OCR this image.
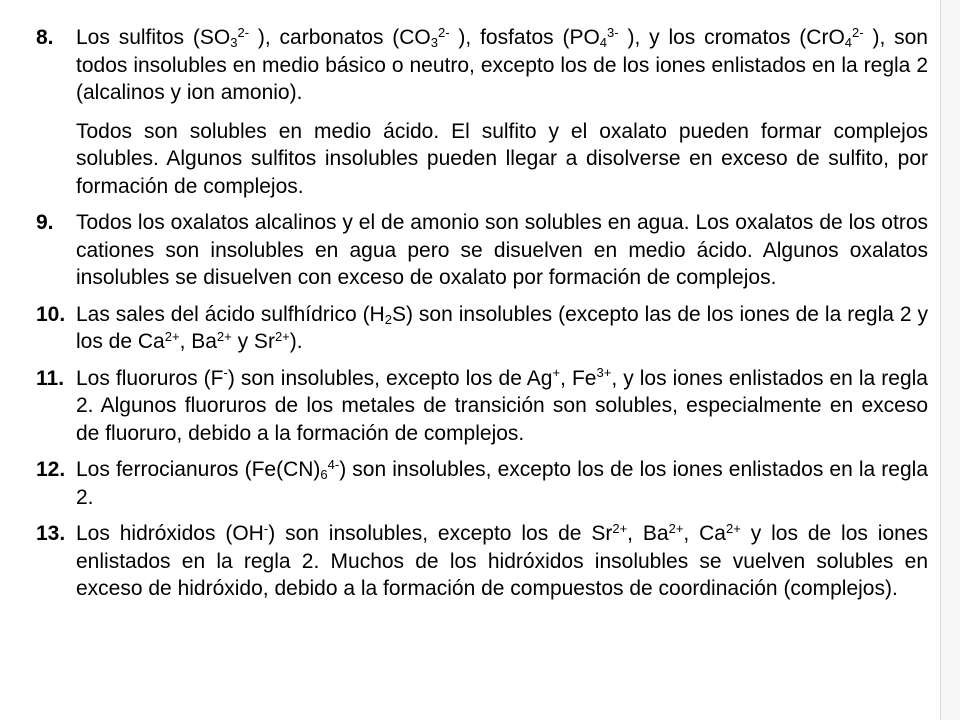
8.	Los sulfitos ($SO_3^{2-}$ ), carbonatos ($CO_3^{2-}$ ), fosfatos ($PO_4^{3-}$ ), y los cromatos (CrO$_4^{2-}$ ), son todos insolubles en medio básico o neutro, excepto los de los iones enlistados en la regla 2 (alcalinos y ion amonio).

Todos son solubles en medio ácido. El sulfito y el oxalato pueden formar complejos solubles. Algunos sulfitos insolubles pueden llegar a disolverse en exceso de sulfito, por formación de complejos.

9.	Todos los oxalatos alcalinos y el de amonio son solubles en agua. Los oxalatos de los otros cationes son insolubles en agua pero se disuelven en medio ácido. Algunos oxalatos insolubles se disuelven con exceso de oxalato por formación de complejos.

10. Las sales del ácido sulfhídrico $(H_2S)$ son insolubles (excepto las de los iones de la regla 2 y los de $Ca^{2+}$, $Ba^{2+}$ y $Sr^{2+}$).

11. Los fluoruros (F-) son insolubles, excepto los de Ag+, $Fe^{3+}$, y los iones enlistados en la regla 2. Algunos fluoruros de los metales de transición son solubles, especialmente en exceso de fluoruro, debido a la formación de complejos.

12. Los ferrocianuros $(Fe(CN)_6^{4-})$ son insolubles, excepto los de los iones enlistados en la regla 2.

13. Los hidróxidos (OH-) son insolubles, excepto los de $Sr^{2+}$, $Ba^{2+}$, $Ca^{2+}$ y los de los iones enlistados en la regla 2. Muchos de los hidróxidos insolubles se vuelven solubles en exceso de hidróxido, debido a la formación de compuestos de coordinación (complejos).
